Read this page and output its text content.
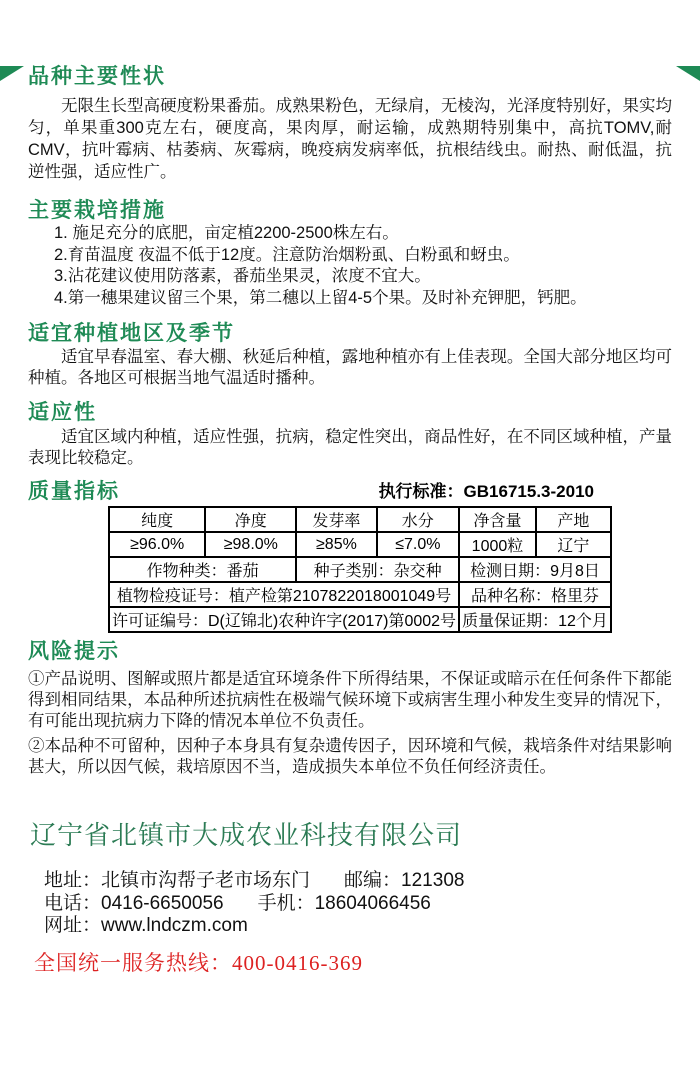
品种主要性状

无限生长型高硬度粉果番茄。成熟果粉色，无绿肩，无棱沟，光泽度特别好，果实均匀，单果重300克左右，硬度高，果肉厚，耐运输，成熟期特别集中，高抗TOMV,耐CMV，抗叶霉病、枯萎病、灰霉病，晚疫病发病率低，抗根结线虫。耐热、耐低温，抗逆性强，适应性广。

主要栽培措施
1. 施足充分的底肥，亩定植2200-2500株左右。
2.育苗温度 夜温不低于12度。注意防治烟粉虱、白粉虱和蚜虫。
3.沾花建议使用防落素，番茄坐果灵，浓度不宜大。
4.第一穗果建议留三个果，第二穗以上留4-5个果。及时补充钾肥，钙肥。
适宜种植地区及季节

适宜早春温室、春大棚、秋延后种植，露地种植亦有上佳表现。全国大部分地区均可种植。各地区可根据当地气温适时播种。

适应性

适宜区域内种植，适应性强，抗病，稳定性突出，商品性好，在不同区域种植，产量表现比较稳定。

质量指标	执行标准：GB16715.3-2010
纯度	净度	发芽率	水分	净含量	产地
≥96.0%	≥98.0%	≥85%	≤7.0%	1000粒	辽宁
作物种类：番茄		种子类别：杂交种		检测日期：9月8日	
植物检疫证号：植产检第2107822018001049号				品种名称：格里芬	
许可证编号：D(辽锦北)农种许字(2017)第0002号				质量保证期：12个月	
风险提示

①产品说明、图解或照片都是适宜环境条件下所得结果，不保证或暗示在任何条件下都能得到相同结果，本品种所述抗病性在极端气候环境下或病害生理小种发生变异的情况下，有可能出现抗病力下降的情况本单位不负责任。

②本品种不可留种，因种子本身具有复杂遗传因子，因环境和气候，栽培条件对结果影响甚大，所以因气候，栽培原因不当，造成损失本单位不负任何经济责任。

辽宁省北镇市大成农业科技有限公司
地址：北镇市沟帮子老市场东门 邮编：121308
电话：0416-6650056 手机：18604066456
网址：www.lndczm.com
全国统一服务热线：400-0416-369
